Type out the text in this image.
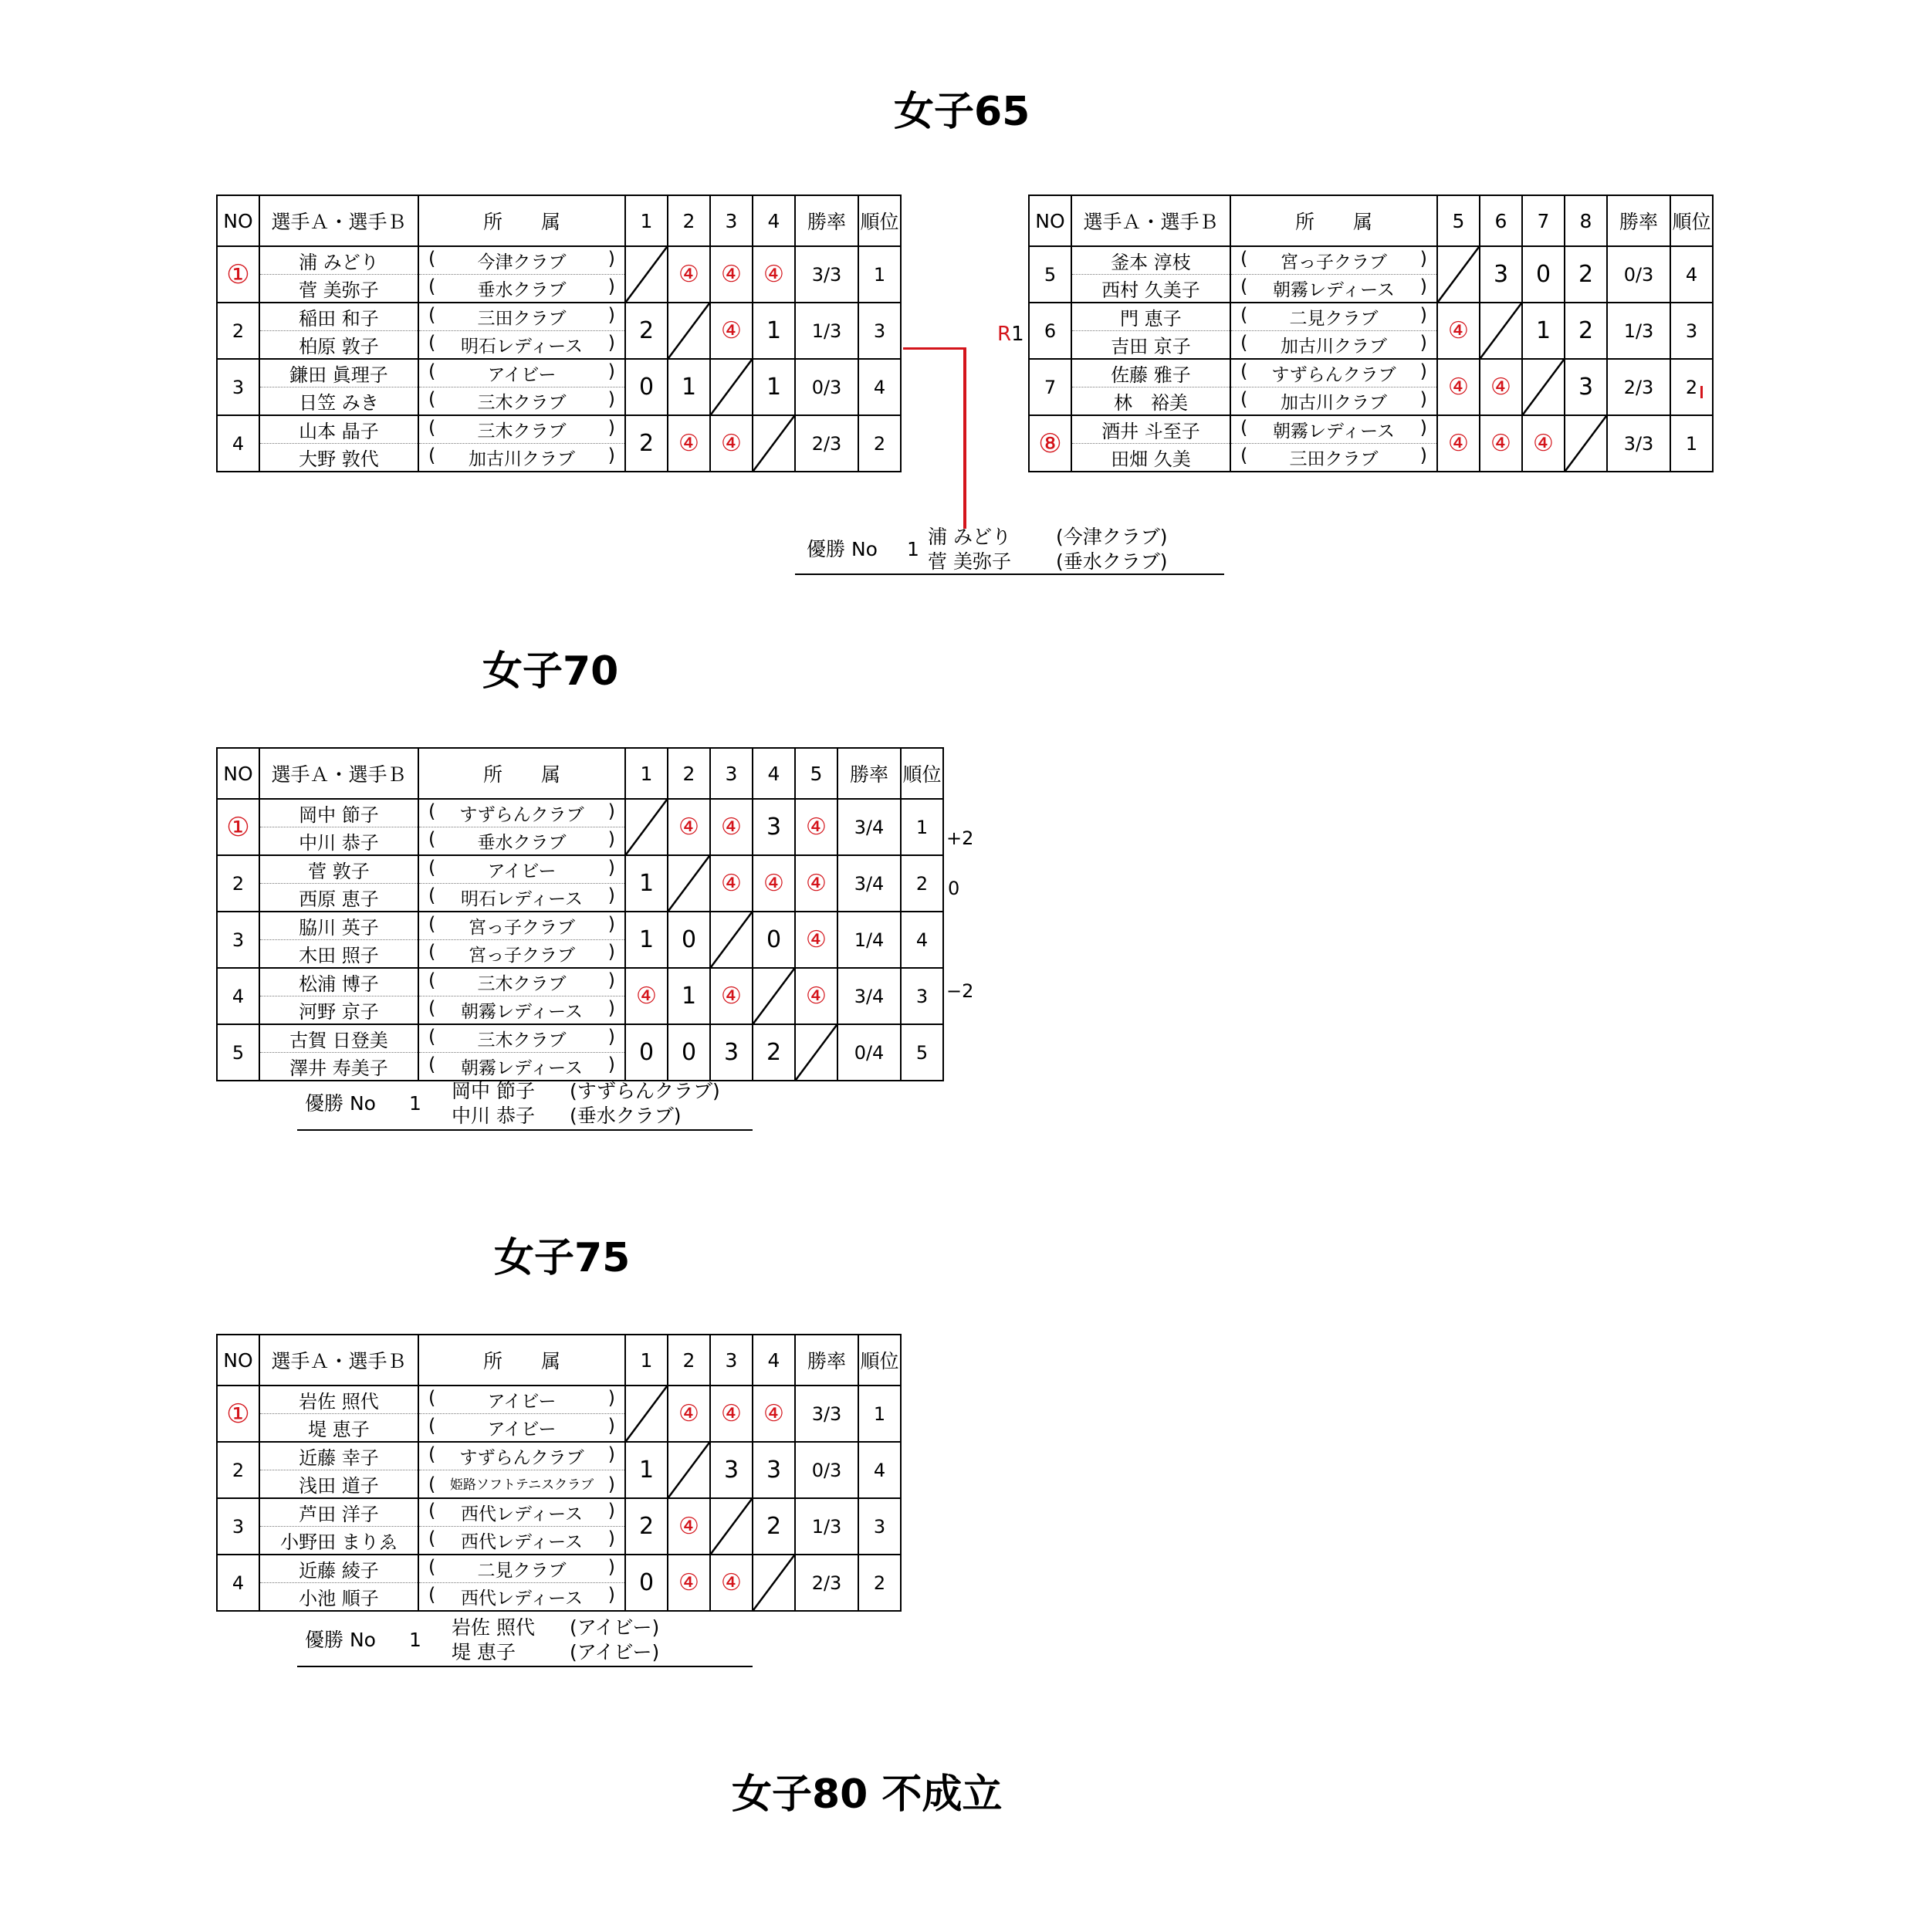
女子65
女子70
女子75
女子80 不成立
NO	選手Ａ・選手Ｂ	所　　属	1	2	3	4	勝率	順位
①	浦 みどり	( 今津クラブ )		④	④	④	3/3	1
	菅 美弥子	( 垂水クラブ )						

2	稲田 和子	( 三田クラブ )	2		④	1	1/3	3
	柏原 敦子	( 明石レディース )						

3	鎌田 眞理子	( アイビー )	0	1		1	0/3	4
	日笠 みき	( 三木クラブ )						

4	山本 晶子	( 三木クラブ )	2	④	④		2/3	2
	大野 敦代	( 加古川クラブ )						
NO	選手Ａ・選手Ｂ	所　　属	5	6	7	8	勝率	順位
5	釜本 淳枝	( 宮っ子クラブ )		3	0	2	0/3	4
	西村 久美子	( 朝霧レディース )						

6	門 恵子	( 二見クラブ )	④		1	2	1/3	3
	吉田 京子	( 加古川クラブ )						

7	佐藤 雅子	( すずらんクラブ )	④	④		3	2/3	2
	林　裕美	( 加古川クラブ )						

⑧	酒井 斗至子	( 朝霧レディース )	④	④	④		3/3	1
	田畑 久美	( 三田クラブ )						
NO	選手Ａ・選手Ｂ	所　　属	1	2	3	4	5	勝率	順位
①	岡中 節子	( すずらんクラブ )		④	④	3	④	3/4	1
	中川 恭子	( 垂水クラブ )							

2	菅 敦子	( アイビー )	1		④	④	④	3/4	2
	西原 恵子	( 明石レディース )							

3	脇川 英子	( 宮っ子クラブ )	1	0		0	④	1/4	4
	木田 照子	( 宮っ子クラブ )							

4	松浦 博子	( 三木クラブ )	④	1	④		④	3/4	3
	河野 京子	( 朝霧レディース )							

5	古賀 日登美	( 三木クラブ )	0	0	3	2		0/4	5
	澤井 寿美子	( 朝霧レディース )							
NO	選手Ａ・選手Ｂ	所　　属	1	2	3	4	勝率	順位
①	岩佐 照代	( アイビー )		④	④	④	3/3	1
	堤 恵子	( アイビー )						

2	近藤 幸子	( すずらんクラブ )	1		3	3	0/3	4
	浅田 道子	( 姫路ソフトテニスクラブ )						

3	芦田 洋子	( 西代レディース )	2	④		2	1/3	3
	小野田 まりゑ	( 西代レディース )						

4	近藤 綾子	( 二見クラブ )	0	④	④		2/3	2
	小池 順子	( 西代レディース )						
R1
優勝 No 1
浦 みどり
菅 美弥子
(今津クラブ)
(垂水クラブ)
+2
0
−2
優勝 No 1
岡中 節子
中川 恭子
(すずらんクラブ)
(垂水クラブ)
優勝 No 1
岩佐 照代
堤 恵子
(アイビー)
(アイビー)
